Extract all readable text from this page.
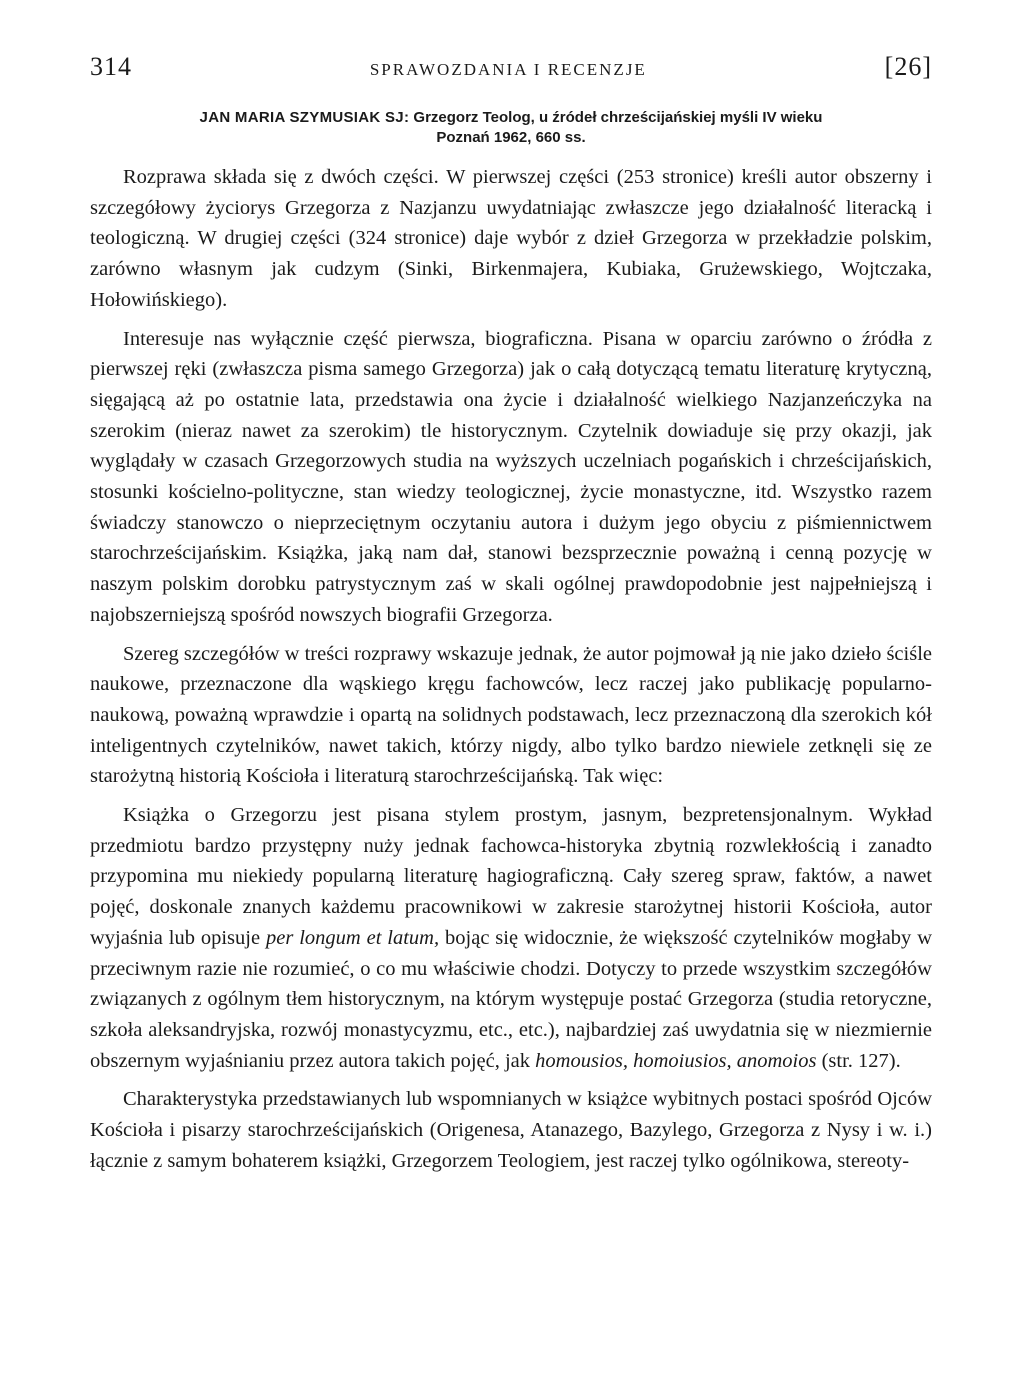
314	SPRAWOZDANIA I RECENZJE	[26]
JAN MARIA SZYMUSIAK SJ: Grzegorz Teolog, u źródeł chrześcijańskiej myśli IV wieku
Poznań 1962, 660 ss.

Rozprawa składa się z dwóch części. W pierwszej części (253 stronice) kreśli autor obszerny i szczegółowy życiorys Grzegorza z Nazjanzu uwydatniając zwłaszcze jego działalność literacką i teologiczną. W drugiej części (324 stronice) daje wybór z dzieł Grzegorza w przekładzie polskim, zarówno własnym jak cudzym (Sinki, Birkenmajera, Kubiaka, Grużewskiego, Wojtczaka, Hołowińskiego).

Interesuje nas wyłącznie część pierwsza, biograficzna. Pisana w oparciu zarówno o źródła z pierwszej ręki (zwłaszcza pisma samego Grzegorza) jak o całą dotyczącą tematu literaturę krytyczną, sięgającą aż po ostatnie lata, przedstawia ona życie i działalność wielkiego Nazjanzeńczyka na szerokim (nieraz nawet za szerokim) tle historycznym. Czytelnik dowiaduje się przy okazji, jak wyglądały w czasach Grzegorzowych studia na wyższych uczelniach pogańskich i chrześcijańskich, stosunki kościelno-polityczne, stan wiedzy teologicznej, życie monastyczne, itd. Wszystko razem świadczy stanowczo o nieprzeciętnym oczytaniu autora i dużym jego obyciu z piśmiennictwem starochrześcijańskim. Książka, jaką nam dał, stanowi bezsprzecznie poważną i cenną pozycję w naszym polskim dorobku patrystycznym zaś w skali ogólnej prawdopodobnie jest najpełniejszą i najobszerniejszą spośród nowszych biografii Grzegorza.

Szereg szczegółów w treści rozprawy wskazuje jednak, że autor pojmował ją nie jako dzieło ściśle naukowe, przeznaczone dla wąskiego kręgu fachowców, lecz raczej jako publikację popularno-naukową, poważną wprawdzie i opartą na solidnych podstawach, lecz przeznaczoną dla szerokich kół inteligentnych czytelników, nawet takich, którzy nigdy, albo tylko bardzo niewiele zetknęli się ze starożytną historią Kościoła i literaturą starochrześcijańską. Tak więc:

Książka o Grzegorzu jest pisana stylem prostym, jasnym, bezpretensjonalnym. Wykład przedmiotu bardzo przystępny nuży jednak fachowca-historyka zbytnią rozwlekłością i zanadto przypomina mu niekiedy popularną literaturę hagiograficzną. Cały szereg spraw, faktów, a nawet pojęć, doskonale znanych każdemu pracownikowi w zakresie starożytnej historii Kościoła, autor wyjaśnia lub opisuje per longum et latum, bojąc się widocznie, że większość czytelników mogłaby w przeciwnym razie nie rozumieć, o co mu właściwie chodzi. Dotyczy to przede wszystkim szczegółów związanych z ogólnym tłem historycznym, na którym występuje postać Grzegorza (studia retoryczne, szkoła aleksandryjska, rozwój monastycyzmu, etc., etc.), najbardziej zaś uwydatnia się w niezmiernie obszernym wyjaśnianiu przez autora takich pojęć, jak homousios, homoiusios, anomoios (str. 127).

Charakterystyka przedstawianych lub wspomnianych w książce wybitnych postaci spośród Ojców Kościoła i pisarzy starochrześcijańskich (Origenesa, Atanazego, Bazylego, Grzegorza z Nysy i w. i.) łącznie z samym bohaterem książki, Grzegorzem Teologiem, jest raczej tylko ogólnikowa, stereoty-
